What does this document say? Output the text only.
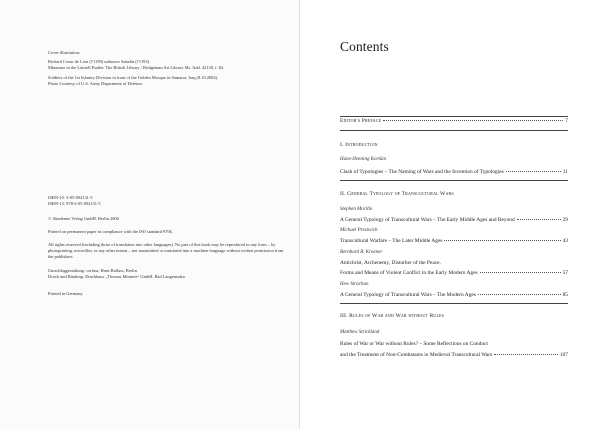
Cover illustration:
Richard Coeur de Lion (†1199) unhorses Saladin (†1193).
Miniature in the Luttrell Psalter. The British Library / Bridgeman Art Library Ms. Add. 42130, f. 82.
Soldiers of the 1st Infantry Division in front of the Golden Mosque in Samarra, Iraq (8.10.2004).
Photo Courtesy of U.S. Army Department of Defense.
ISBN-10: 3-05-004131-5
ISBN-13: 978-3-05-004131-5
© Akademie Verlag GmbH, Berlin 2006
Printed on permanent paper in compliance with the ISO standard 9706.
All rights reserved (including those of translation into other languages). No part of this book may be reproduced in any form – by photoprinting, microfilm, or any other means – nor transmitted or translated into a machine language without written permission from the publishers.
Umschlaggestaltung: cortina, Hans Balluss, Berlin
Druck und Bindung: Druckhaus „Thomas Müntzer“ GmbH, Bad Langensalza
Printed in Germany
Contents
Editor's Preface	7
I. Introduction
Hans-Henning Kortüm
Clash of Typologies – The Naming of Wars and the Invention of Typologies	11
II. General Typology of Transcultural Wars
Stephen Morillo
A General Typology of Transcultural Wars – The Early Middle Ages and Beyond	29
Michael Prestwich
Transcultural Warfare – The Later Middle Ages	43
Bernhard R. Kroener
Antichrist, Archenemy, Disturber of the Peace.
Forms and Means of Violent Conflict in the Early Modern Ages	57
Hew Strachan
A General Typology of Transcultural Wars – The Modern Ages	85
III. Rules of War and War without Rules
Matthew Strickland
Rules of War or War without Rules? – Some Reflections on Conduct
and the Treatment of Non-Combatants in Medieval Transcultural Wars	107
